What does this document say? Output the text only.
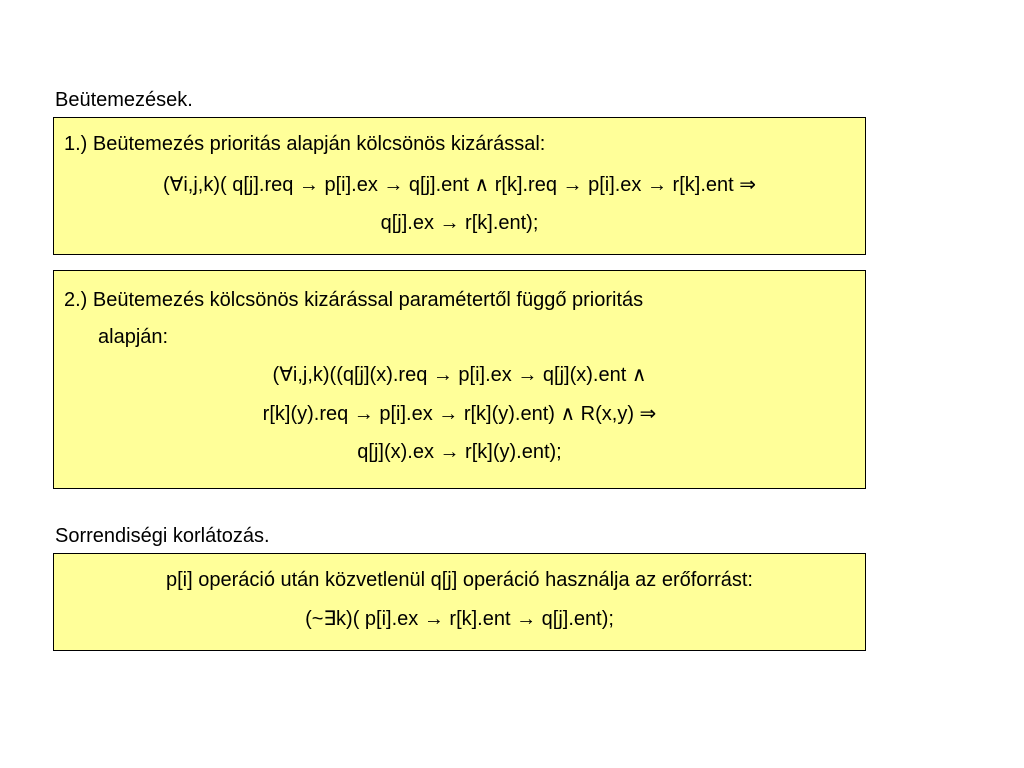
Beütemezések.
1.) Beütemezés prioritás alapján kölcsönös kizárással:
(∀i,j,k)( q[j].req → p[i].ex → q[j].ent ∧ r[k].req → p[i].ex → r[k].ent ⇒
q[j].ex → r[k].ent);
2.) Beütemezés kölcsönös kizárással paramétertől függő prioritás
alapján:
(∀i,j,k)((q[j](x).req → p[i].ex → q[j](x).ent ∧
r[k](y).req → p[i].ex → r[k](y).ent) ∧ R(x,y) ⇒
q[j](x).ex → r[k](y).ent);
Sorrendiségi korlátozás.
p[i] operáció után közvetlenül q[j] operáció használja az erőforrást:
(~∃k)( p[i].ex → r[k].ent → q[j].ent);
